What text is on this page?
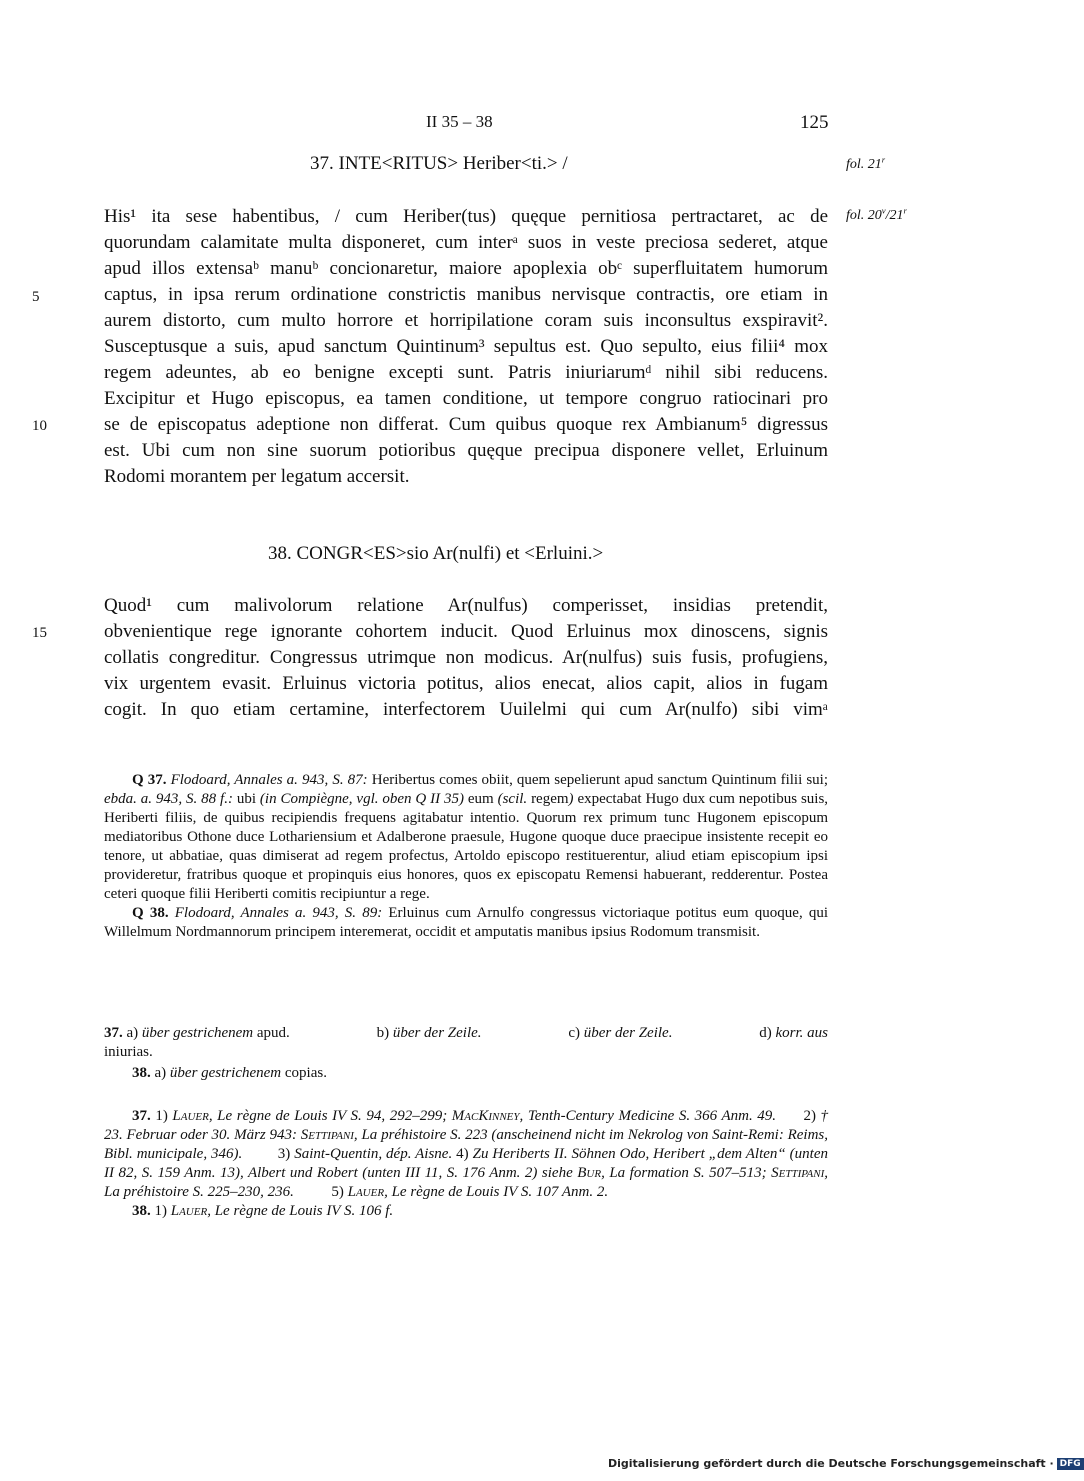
II 35 – 38	125
37. INTE<RITUS> Heriber<ti.> /	fol. 21$^r$
fol. 20$^v$/21$^r$
His¹ ita sese habentibus, / cum Heriber(tus) quęque pernitiosa pertractaret, ac de
quorundam calamitate multa disponeret, cum interᵃ suos in veste preciosa sederet, atque
apud illos extensaᵇ manuᵇ concionaretur, maiore apoplexia obᶜ superfluitatem humorum
captus, in ipsa rerum ordinatione constrictis manibus nervisque contractis, ore etiam in
aurem distorto, cum multo horrore et horripilatione coram suis inconsultus exspiravit².
Susceptusque a suis, apud sanctum Quintinum³ sepultus est. Quo sepulto, eius filii⁴ mox
regem adeuntes, ab eo benigne excepti sunt. Patris iniuriarumᵈ nihil sibi reducens.
Excipitur et Hugo episcopus, ea tamen conditione, ut tempore congruo ratiocinari pro
se de episcopatus adeptione non differat. Cum quibus quoque rex Ambianum⁵ digressus
est. Ubi cum non sine suorum potioribus quęque precipua disponere vellet, Erluinum
Rodomi morantem per legatum accersit.
5
10
15
38. CONGR<ES>sio Ar(nulfi) et <Erluini.>
Quod¹ cum malivolorum relatione Ar(nulfus) comperisset, insidias pretendit,
obvenientique rege ignorante cohortem inducit. Quod Erluinus mox dinoscens, signis
collatis congreditur. Congressus utrimque non modicus. Ar(nulfus) suis fusis, profugiens,
vix urgentem evasit. Erluinus victoria potitus, alios enecat, alios capit, alios in fugam
cogit. In quo etiam certamine, interfectorem Uuilelmi qui cum Ar(nulfo) sibi vimᵃ

Q 37. Flodoard, Annales a. 943, S. 87: Heribertus comes obiit, quem sepelierunt apud sanctum Quintinum filii sui; ebda. a. 943, S. 88 f.: ubi (in Compiègne, vgl. oben Q II 35) eum (scil. regem) expectabat Hugo dux cum nepotibus suis, Heriberti filiis, de quibus recipiendis frequens agitabatur intentio. Quorum rex primum tunc Hugonem episcopum mediatoribus Othone duce Lothariensium et Adalberone praesule, Hugone quoque duce praecipue insistente recepit eo tenore, ut abbatiae, quas dimiserat ad regem profectus, Artoldo episcopo restituerentur, aliud etiam episcopium ipsi provideretur, fratribus quoque et propinquis eius honores, quos ex episcopatu Remensi habuerant, redderentur. Postea ceteri quoque filii Heriberti comitis recipiuntur a rege.

Q 38. Flodoard, Annales a. 943, S. 89: Erluinus cum Arnulfo congressus victoriaque potitus eum quoque, qui Willelmum Nordmannorum principem interemerat, occidit et amputatis manibus ipsius Rodomum transmisit.

37. a) über gestrichenem apud.	b) über der Zeile.	c) über der Zeile.	d) korr. aus

iniurias.

38. a) über gestrichenem copias.

37. 1) Lauer, Le règne de Louis IV S. 94, 292–299; MacKinney, Tenth-Century Medicine S. 366 Anm. 49. 2) † 23. Februar oder 30. März 943: Settipani, La préhistoire S. 223 (anscheinend nicht im Nekrolog von Saint-Remi: Reims, Bibl. municipale, 346). 3) Saint-Quentin, dép. Aisne. 4) Zu Heriberts II. Söhnen Odo, Heribert „dem Alten“ (unten II 82, S. 159 Anm. 13), Albert und Robert (unten III 11, S. 176 Anm. 2) siehe Bur, La formation S. 507–513; Settipani, La préhistoire S. 225–230, 236.	5) Lauer, Le règne de Louis IV S. 107 Anm. 2.

38. 1) Lauer, Le règne de Louis IV S. 106 f.

Digitalisierung gefördert durch die Deutsche Forschungsgemeinschaft · DFG
